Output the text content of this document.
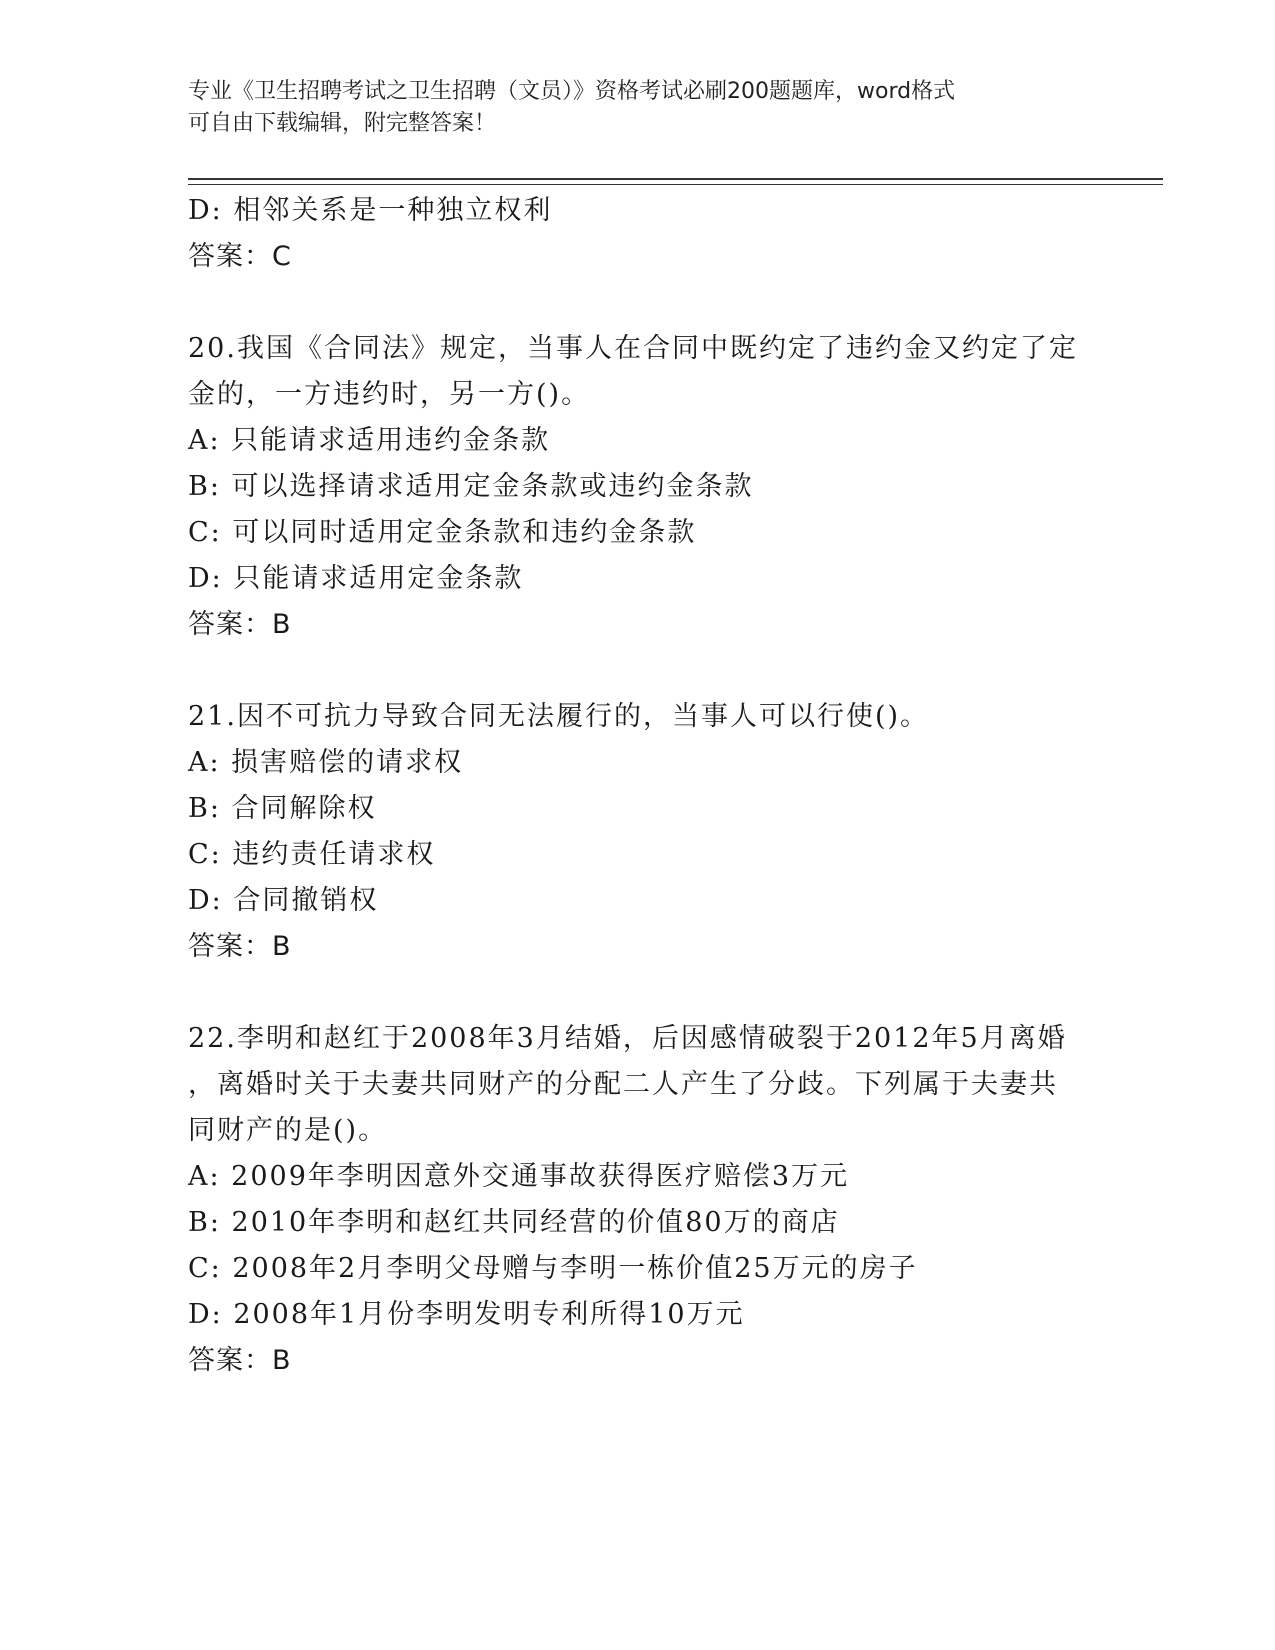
专业《卫生招聘考试之卫生招聘（文员）》资格考试必刷200题题库，word格式
可自由下载编辑，附完整答案！
D: 相邻关系是一种独立权利
答案：C
20.我国《合同法》规定，当事人在合同中既约定了违约金又约定了定
金的，一方违约时，另一方()。
A: 只能请求适用违约金条款
B: 可以选择请求适用定金条款或违约金条款
C: 可以同时适用定金条款和违约金条款
D: 只能请求适用定金条款
答案：B
21.因不可抗力导致合同无法履行的，当事人可以行使()。
A: 损害赔偿的请求权
B: 合同解除权
C: 违约责任请求权
D: 合同撤销权
答案：B
22.李明和赵红于2008年3月结婚，后因感情破裂于2012年5月离婚
，离婚时关于夫妻共同财产的分配二人产生了分歧。下列属于夫妻共
同财产的是()。
A: 2009年李明因意外交通事故获得医疗赔偿3万元
B: 2010年李明和赵红共同经营的价值80万的商店
C: 2008年2月李明父母赠与李明一栋价值25万元的房子
D: 2008年1月份李明发明专利所得10万元
答案：B
